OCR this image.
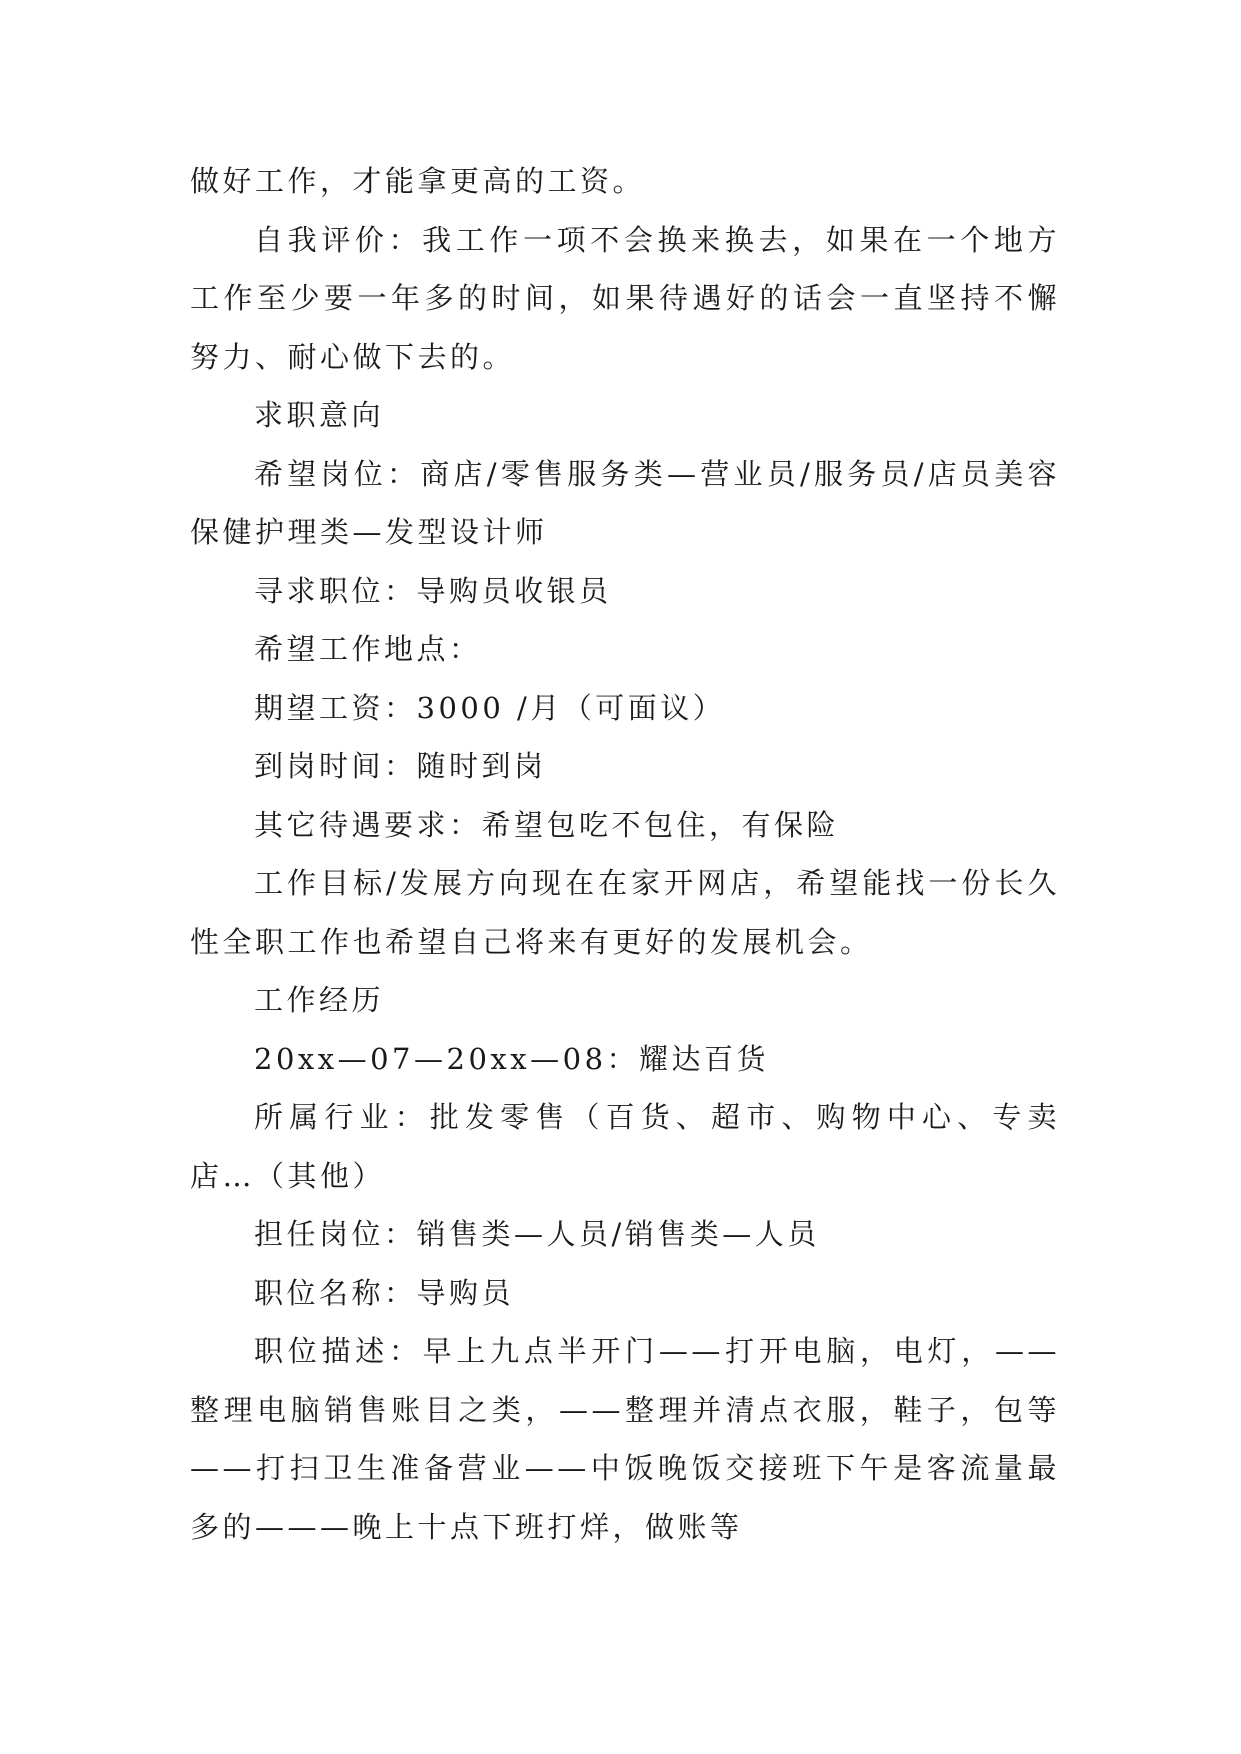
做好工作，才能拿更高的工资。

自我评价：我工作一项不会换来换去，如果在一个地方工作至少要一年多的时间，如果待遇好的话会一直坚持不懈努力、耐心做下去的。

求职意向

希望岗位：商店/零售服务类—营业员/服务员/店员美容保健护理类—发型设计师

寻求职位：导购员收银员

希望工作地点：

期望工资：3000 /月（可面议）

到岗时间：随时到岗

其它待遇要求：希望包吃不包住，有保险

工作目标/发展方向现在在家开网店，希望能找一份长久性全职工作也希望自己将来有更好的发展机会。

工作经历

20xx—07—20xx—08：耀达百货

所属行业：批发零售（百货、超市、购物中心、专卖店…（其他）

担任岗位：销售类—人员/销售类—人员

职位名称：导购员

职位描述：早上九点半开门——打开电脑，电灯，——整理电脑销售账目之类，——整理并清点衣服，鞋子，包等——打扫卫生准备营业——中饭晚饭交接班下午是客流量最多的———晚上十点下班打烊，做账等
